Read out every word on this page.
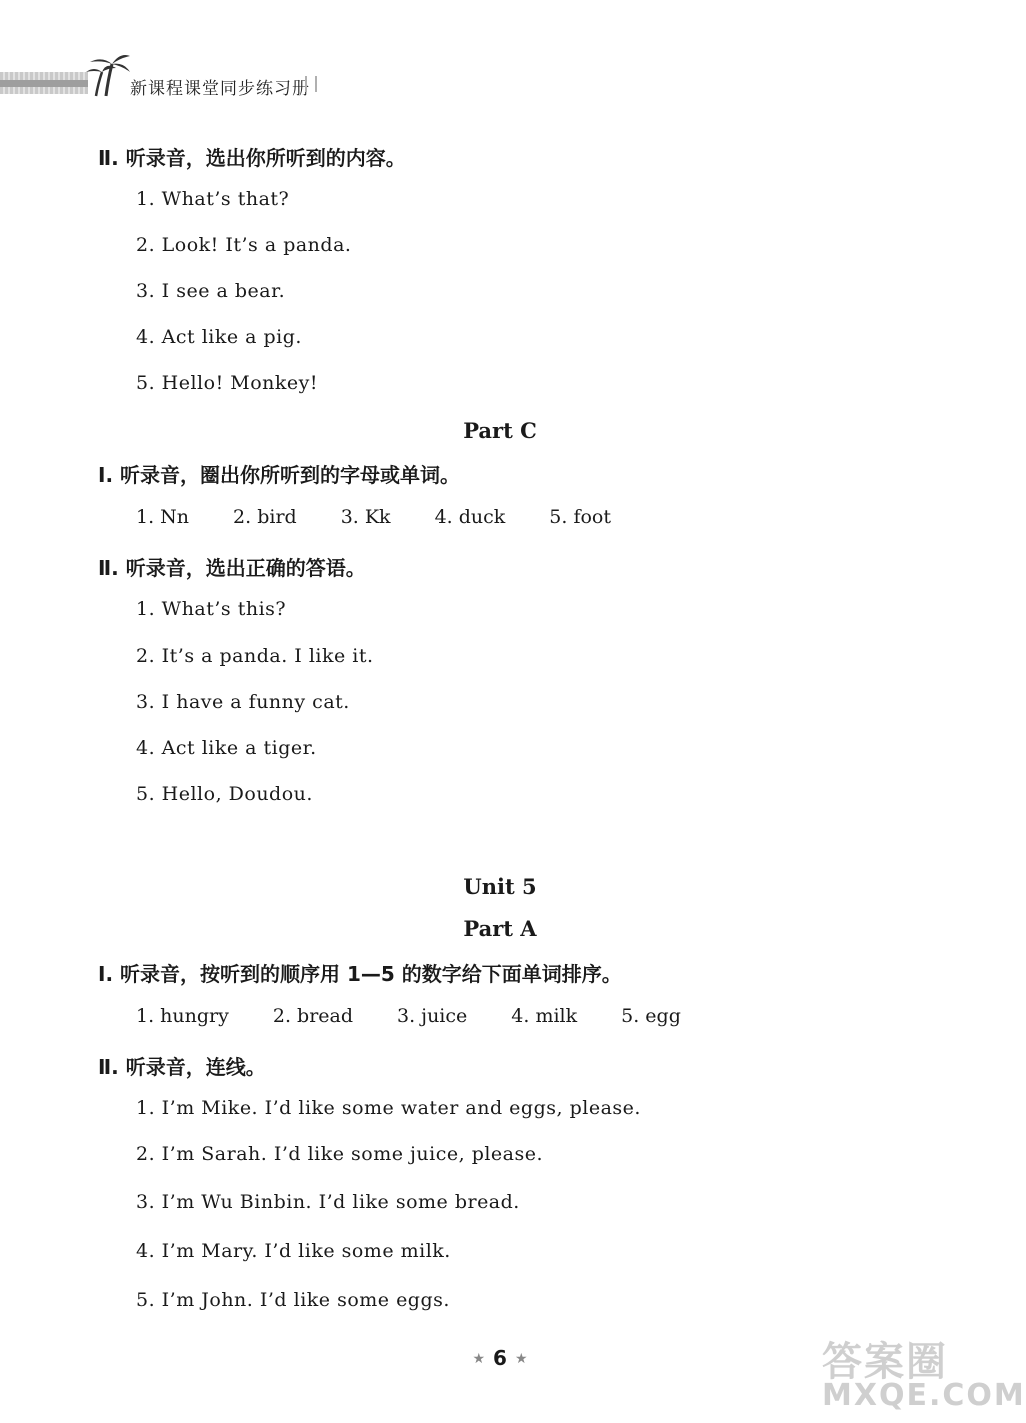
新课程课堂同步练习册
Ⅱ. 听录音，选出你所听到的内容。
1. What’s that?
2. Look! It’s a panda.
3. I see a bear.
4. Act like a pig.
5. Hello! Monkey!
Part C
Ⅰ. 听录音，圈出你所听到的字母或单词。
1. Nn 2. bird 3. Kk 4. duck 5. foot
Ⅱ. 听录音，选出正确的答语。
1. What’s this?
2. It’s a panda. I like it.
3. I have a funny cat.
4. Act like a tiger.
5. Hello, Doudou.
Unit 5
Part A
Ⅰ. 听录音，按听到的顺序用 1—5 的数字给下面单词排序。
1. hungry 2. bread 3. juice 4. milk 5. egg
Ⅱ. 听录音，连线。
1. I’m Mike. I’d like some water and eggs, please.
2. I’m Sarah. I’d like some juice, please.
3. I’m Wu Binbin. I’d like some bread.
4. I’m Mary. I’d like some milk.
5. I’m John. I’d like some eggs.
★ 6 ★	答案圈
MXQE.COM
